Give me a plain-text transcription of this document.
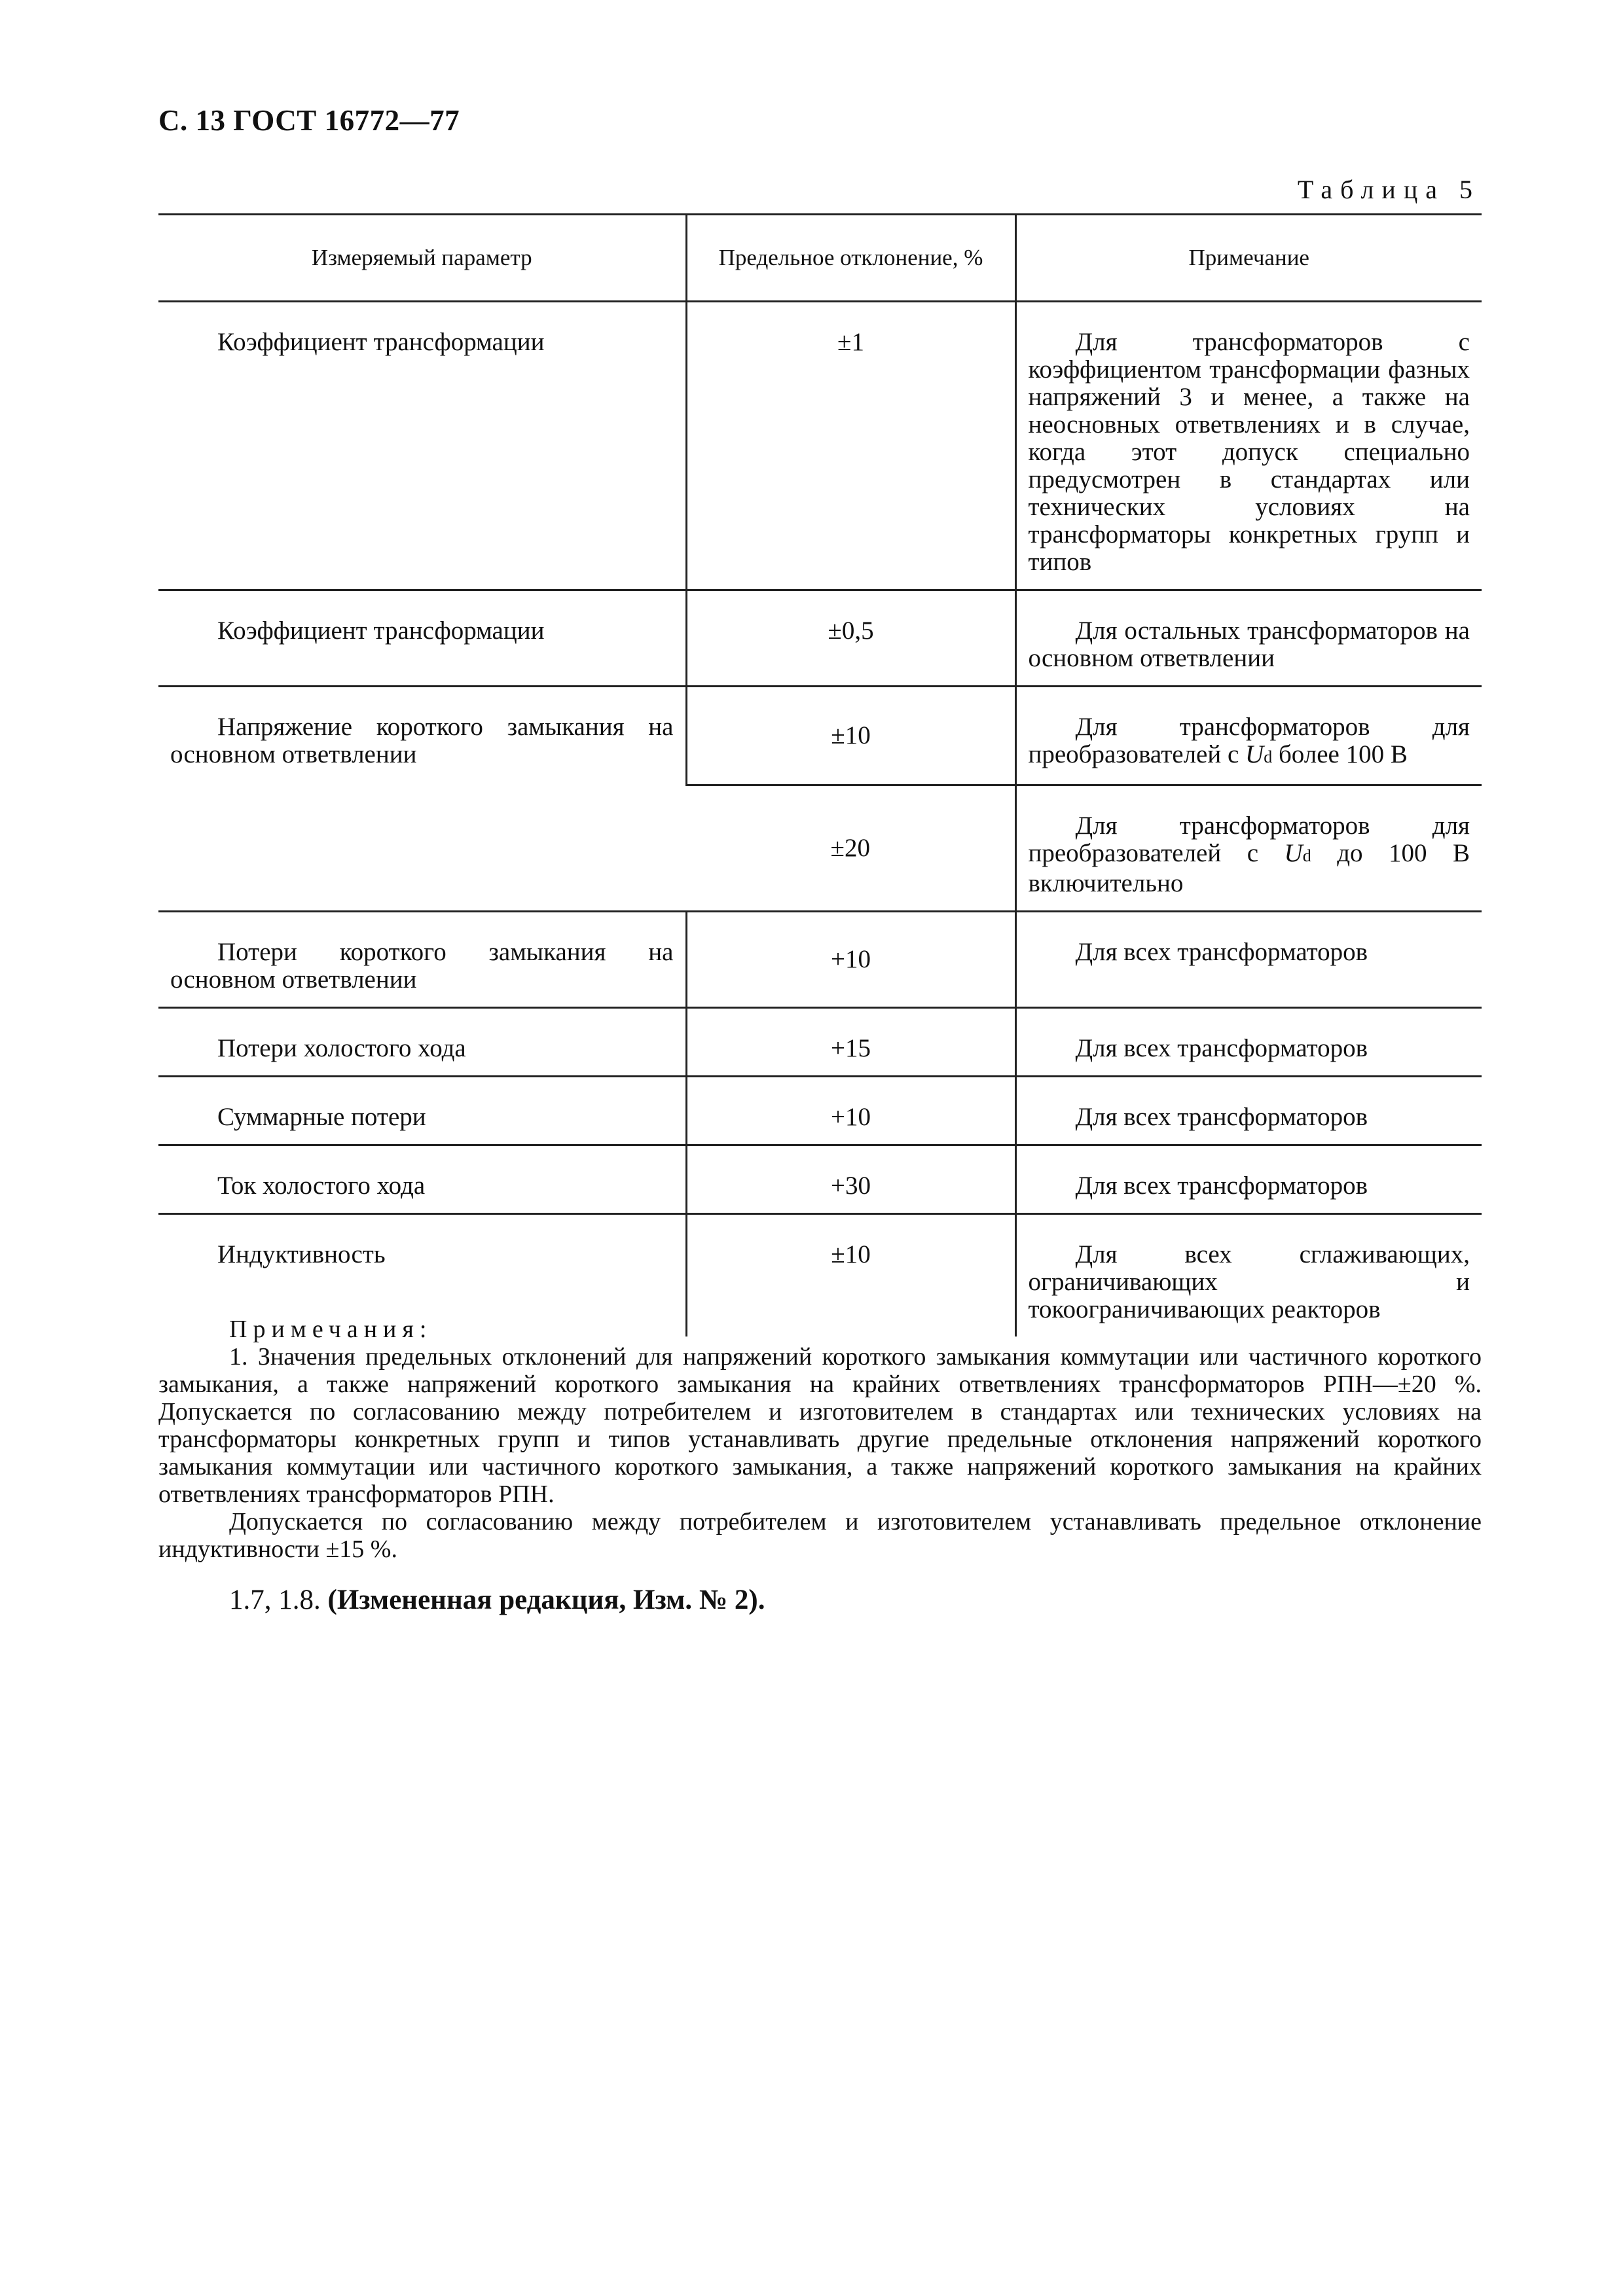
С. 13 ГОСТ 16772—77
Таблица 5
Измеряемый параметр	Предельное отклонение, %	Примечание
Коэффициент трансформации	±1	Для трансформаторов с коэффициентом трансформации фазных напряжений 3 и менее, а также на неосновных ответвлениях и в случае, когда этот допуск специально предусмотрен в стандартах или технических условиях на трансформаторы конкретных групп и типов
Коэффициент трансформации	±0,5	Для остальных трансформаторов на основном ответвлении
Напряжение короткого замыкания на основном ответвлении	±10	Для трансформаторов для преобразователей с Ud более 100 В
	±20	Для трансформаторов для преобразователей с Ud до 100 В включительно
Потери короткого замыкания на основном ответвлении	+10	Для всех трансформаторов
Потери холостого хода	+15	Для всех трансформаторов
Суммарные потери	+10	Для всех трансформаторов
Ток холостого хода	+30	Для всех трансформаторов
Индуктивность	±10	Для всех сглаживающих, ограничивающих и токоограничивающих реакторов
Примечания:
1. Значения предельных отклонений для напряжений короткого замыкания коммутации или частичного короткого замыкания, а также напряжений короткого замыкания на крайних ответвлениях трансформаторов РПН—±20 %. Допускается по согласованию между потребителем и изготовителем в стандартах или технических условиях на трансформаторы конкретных групп и типов устанавливать другие предельные отклонения напряжений короткого замыкания коммутации или частичного короткого замыкания, а также напряжений короткого замыкания на крайних ответвлениях трансформаторов РПН.
Допускается по согласованию между потребителем и изготовителем устанавливать предельное отклонение индуктивности ±15 %.
1.7, 1.8. (Измененная редакция, Изм. № 2).
